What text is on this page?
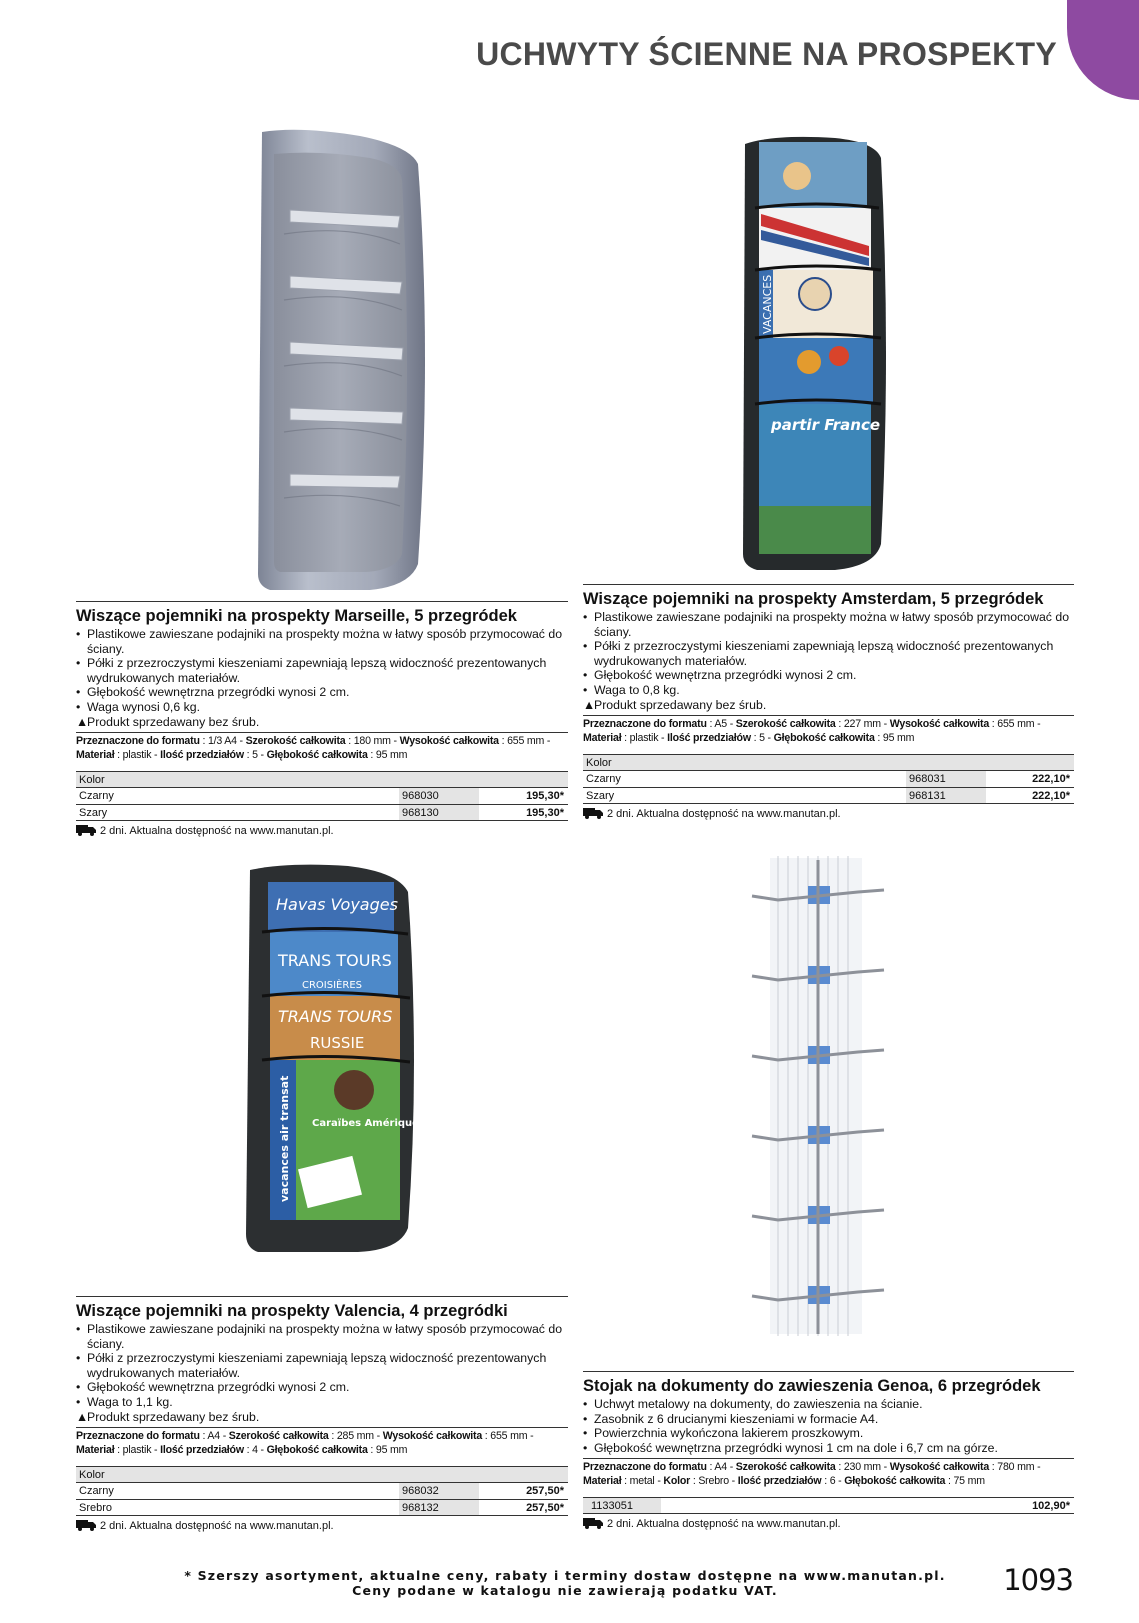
UCHWYTY ŚCIENNE NA PROSPEKTY
partir France
VACANCES
Havas Voyages
TRANS TOURS
CROISIÈRES
TRANS TOURS
RUSSIE
Caraïbes Amérique Latine
vacances air transat
Wiszące pojemniki na prospekty Marseille, 5 przegródek
• Plastikowe zawieszane podajniki na prospekty można w łatwy sposób przymocować do ściany.
• Półki z przezroczystymi kieszeniami zapewniają lepszą widoczność prezentowanych wydrukowanych materiałów.
• Głębokość wewnętrzna przegródki wynosi 2 cm.
• Waga wynosi 0,6 kg.
▲Produkt sprzedawany bez śrub.
Przeznaczone do formatu : 1/3 A4 - Szerokość całkowita : 180 mm - Wysokość całkowita : 655 mm -
Materiał : plastik - Ilość przedziałów : 5 - Głębokość całkowita : 95 mm
Kolor
Czarny	968030	195,30*
Szary	968130	195,30*
2 dni. Aktualna dostępność na www.manutan.pl.
Wiszące pojemniki na prospekty Amsterdam, 5 przegródek
• Plastikowe zawieszane podajniki na prospekty można w łatwy sposób przymocować do ściany.
• Półki z przezroczystymi kieszeniami zapewniają lepszą widoczność prezentowanych wydrukowanych materiałów.
• Głębokość wewnętrzna przegródki wynosi 2 cm.
• Waga to 0,8 kg.
▲Produkt sprzedawany bez śrub.
Przeznaczone do formatu : A5 - Szerokość całkowita : 227 mm - Wysokość całkowita : 655 mm -
Materiał : plastik - Ilość przedziałów : 5 - Głębokość całkowita : 95 mm
Kolor
Czarny	968031	222,10*
Szary	968131	222,10*
2 dni. Aktualna dostępność na www.manutan.pl.
Wiszące pojemniki na prospekty Valencia, 4 przegródki
• Plastikowe zawieszane podajniki na prospekty można w łatwy sposób przymocować do ściany.
• Półki z przezroczystymi kieszeniami zapewniają lepszą widoczność prezentowanych wydrukowanych materiałów.
• Głębokość wewnętrzna przegródki wynosi 2 cm.
• Waga to 1,1 kg.
▲Produkt sprzedawany bez śrub.
Przeznaczone do formatu : A4 - Szerokość całkowita : 285 mm - Wysokość całkowita : 655 mm -
Materiał : plastik - Ilość przedziałów : 4 - Głębokość całkowita : 95 mm
Kolor
Czarny	968032	257,50*
Srebro	968132	257,50*
2 dni. Aktualna dostępność na www.manutan.pl.
Stojak na dokumenty do zawieszenia Genoa, 6 przegródek
• Uchwyt metalowy na dokumenty, do zawieszenia na ścianie.
• Zasobnik z 6 drucianymi kieszeniami w formacie A4.
• Powierzchnia wykończona lakierem proszkowym.
• Głębokość wewnętrzna przegródki wynosi 1 cm na dole i 6,7 cm na górze.
Przeznaczone do formatu : A4 - Szerokość całkowita : 230 mm - Wysokość całkowita : 780 mm -
Materiał : metal - Kolor : Srebro - Ilość przedziałów : 6 - Głębokość całkowita : 75 mm
1133051	102,90*
2 dni. Aktualna dostępność na www.manutan.pl.
* Szerszy asortyment, aktualne ceny, rabaty i terminy dostaw dostępne na www.manutan.pl.
Ceny podane w katalogu nie zawierają podatku VAT.	1093
